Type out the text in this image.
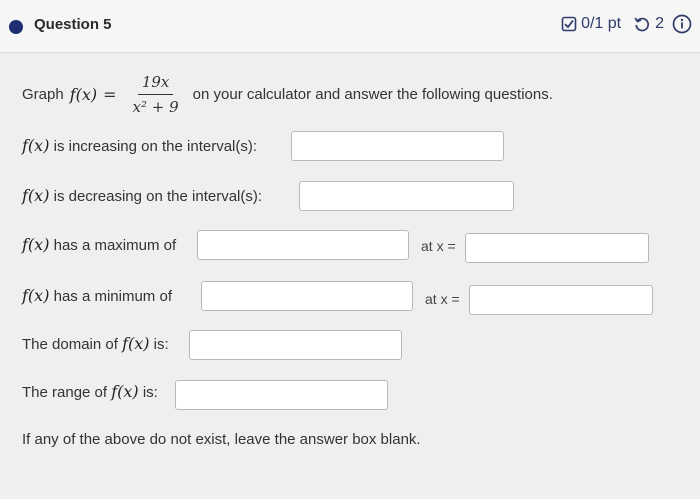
Question 5	0/1 pt 2
Graph $f(x) = \frac{19x}{\text{x² + 9}}$ on your calculator and answer the following questions.
f(x) is increasing on the interval(s):
f(x) is decreasing on the interval(s):
f(x) has a maximum of	at x =
f(x) has a minimum of	at x =
The domain of f(x) is:
The range of f(x) is:
If any of the above do not exist, leave the answer box blank.
